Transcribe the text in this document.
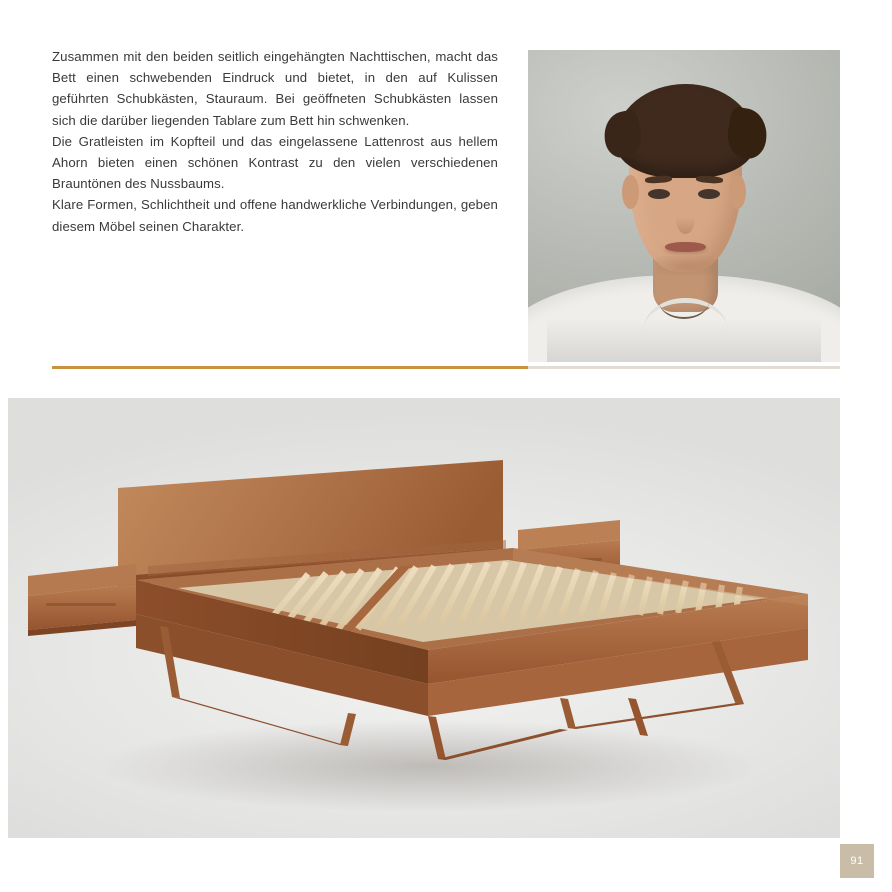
Zusammen mit den beiden seitlich eingehängten Nachttischen, macht das Bett einen schwebenden Eindruck und bietet, in den auf Kulissen geführten Schubkästen, Stauraum. Bei geöffneten Schubkästen lassen sich die darüber liegenden Tablare zum Bett hin schwenken.

Die Gratleisten im Kopfteil und das eingelassene Lattenrost aus hellem Ahorn bieten einen schönen Kontrast zu den vielen verschiedenen Brauntönen des Nussbaums.

Klare Formen, Schlichtheit und offene handwerkliche Verbindungen, geben diesem Möbel seinen Charakter.

91
